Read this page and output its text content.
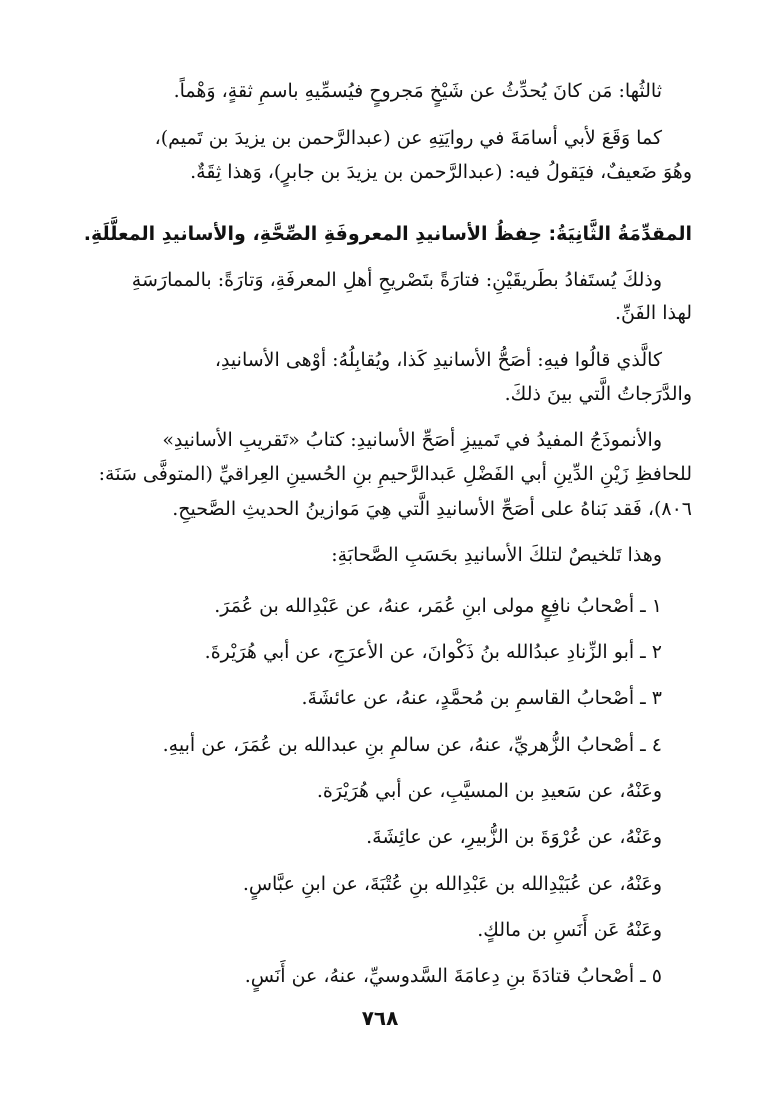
ثالثُها: مَن كانَ يُحدِّثُ عن شَيْخٍ مَجروحٍ فيُسمِّيهِ باسمِ ثقةٍ، وَهْماً.
كما وَقَعَ لأبي أسامَةَ في روايَتِهِ عن (عبدالرَّحمن بن يزيدَ بن تَميم)،
وهُوَ ضَعيفٌ، فيَقولُ فيه: (عبدالرَّحمن بن يزيدَ بن جابرٍ)، وَهذا ثِقَةٌ.
المقدِّمَةُ الثَّانِيَةُ: حِفظُ الأسانيدِ المعروفَةِ الصِّحَّةِ، والأسانيدِ المعلَّلَةِ.
وذلكَ يُستَفادُ بطَريقَيْنِ: فتارَةً بتَصْريحِ أهلِ المعرفَةِ، وَتارَةً: بالممارَسَةِ
لهذا الفَنِّ.
كالَّذي قالُوا فيهِ: أصَحُّ الأسانيدِ كَذا، ويُقابِلُهُ: أوْهى الأسانيدِ،
والدَّرَجاتُ الَّتي بينَ ذلكَ.
والأنموذَجُ المفيدُ في تَمييزِ أصَحِّ الأسانيدِ: كتابُ «تَقريبِ الأسانيدِ»
للحافظِ زَيْنِ الدِّينِ أبي الفَضْلِ عَبدالرَّحيمِ بنِ الحُسينِ العِراقيِّ (المتوفَّى سَنَة:
٨٠٦)، فَقد بَناهُ على أصَحِّ الأسانيدِ الَّتي هِيَ مَوازينُ الحديثِ الصَّحيحِ.
وهذا تَلخيصٌ لتلكَ الأسانيدِ بحَسَبِ الصَّحابَةِ:
١ ـ أصْحابُ نافِعٍ مولى ابنِ عُمَر، عنهُ، عن عَبْدِالله بن عُمَرَ.
٢ ـ أبو الزِّنادِ عبدُالله بنُ ذَكْوانَ، عن الأعرَجِ، عن أبي هُرَيْرةَ.
٣ ـ أصْحابُ القاسمِ بن مُحمَّدٍ، عنهُ، عن عائشَةَ.
٤ ـ أصْحابُ الزُّهريِّ، عنهُ، عن سالمِ بنِ عبدالله بن عُمَرَ، عن أبيهِ.
وعَنْهُ، عن سَعيدِ بن المسيَّبِ، عن أبي هُرَيْرَة.
وعَنْهُ، عن عُرْوَةَ بن الزُّبيرِ، عن عائِشَةَ.
وعَنْهُ، عن عُبَيْدِالله بن عَبْدِالله بنِ عُتْبَةَ، عن ابنِ عبَّاسٍ.
وعَنْهُ عَن أَنَسِ بن مالكٍ.
٥ ـ أصْحابُ قتادَةَ بنِ دِعامَةَ السَّدوسيِّ، عنهُ، عن أَنَسٍ.
٧٦٨
